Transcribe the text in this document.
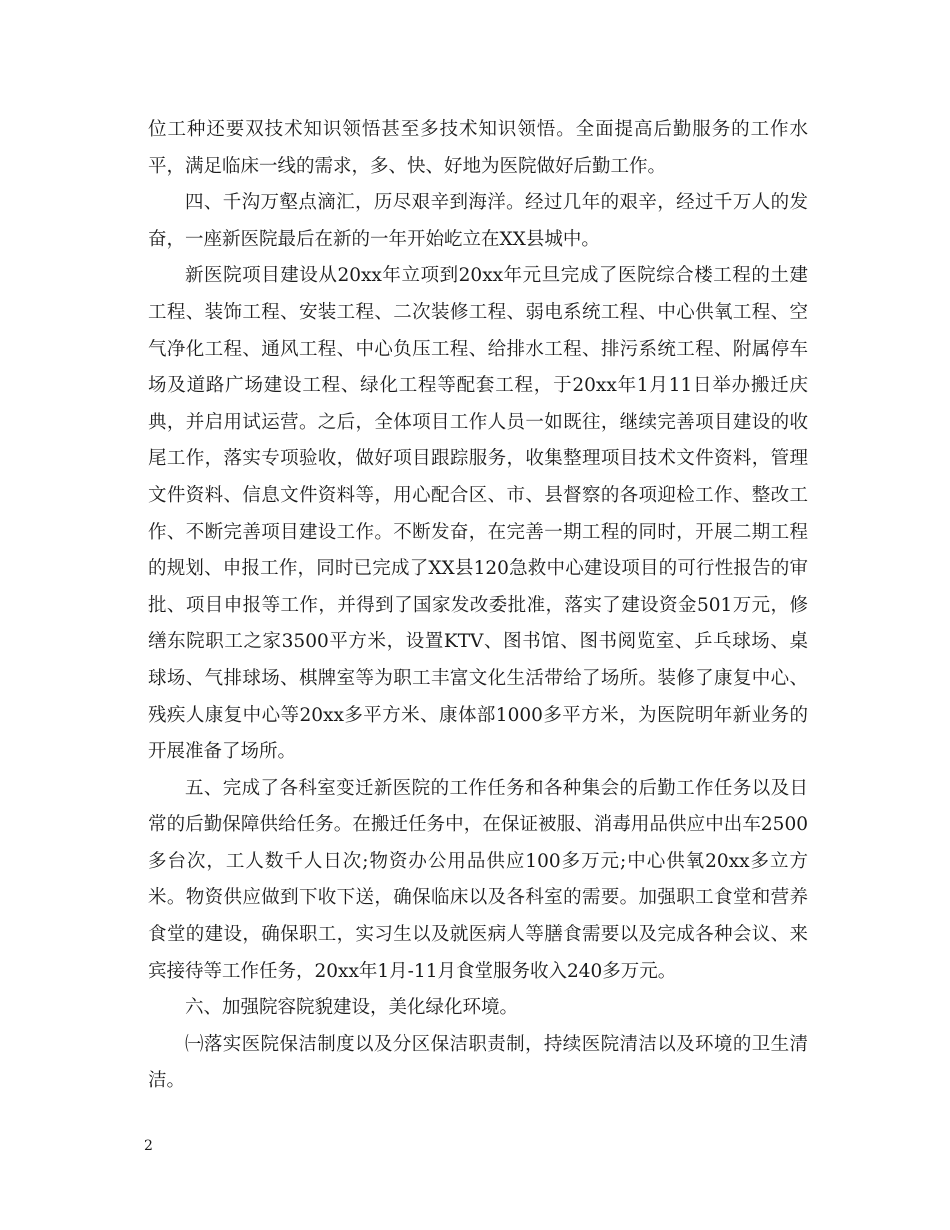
位工种还要双技术知识领悟甚至多技术知识领悟。全面提高后勤服务的工作水平，满足临床一线的需求，多、快、好地为医院做好后勤工作。

四、千沟万壑点滴汇，历尽艰辛到海洋。经过几年的艰辛，经过千万人的发奋，一座新医院最后在新的一年开始屹立在XX县城中。

新医院项目建设从20xx年立项到20xx年元旦完成了医院综合楼工程的土建工程、装饰工程、安装工程、二次装修工程、弱电系统工程、中心供氧工程、空气净化工程、通风工程、中心负压工程、给排水工程、排污系统工程、附属停车场及道路广场建设工程、绿化工程等配套工程，于20xx年1月11日举办搬迁庆典，并启用试运营。之后，全体项目工作人员一如既往，继续完善项目建设的收尾工作，落实专项验收，做好项目跟踪服务，收集整理项目技术文件资料，管理文件资料、信息文件资料等，用心配合区、市、县督察的各项迎检工作、整改工作、不断完善项目建设工作。不断发奋，在完善一期工程的同时，开展二期工程的规划、申报工作，同时已完成了XX县120急救中心建设项目的可行性报告的审批、项目申报等工作，并得到了国家发改委批准，落实了建设资金501万元，修缮东院职工之家3500平方米，设置KTV、图书馆、图书阅览室、乒乓球场、桌球场、气排球场、棋牌室等为职工丰富文化生活带给了场所。装修了康复中心、残疾人康复中心等20xx多平方米、康体部1000多平方米，为医院明年新业务的开展准备了场所。

五、完成了各科室变迁新医院的工作任务和各种集会的后勤工作任务以及日常的后勤保障供给任务。在搬迁任务中，在保证被服、消毒用品供应中出车2500多台次，工人数千人日次;物资办公用品供应100多万元;中心供氧20xx多立方米。物资供应做到下收下送，确保临床以及各科室的需要。加强职工食堂和营养食堂的建设，确保职工，实习生以及就医病人等膳食需要以及完成各种会议、来宾接待等工作任务，20xx年1月-11月食堂服务收入240多万元。

六、加强院容院貌建设，美化绿化环境。

㈠落实医院保洁制度以及分区保洁职责制，持续医院清洁以及环境的卫生清洁。

2
